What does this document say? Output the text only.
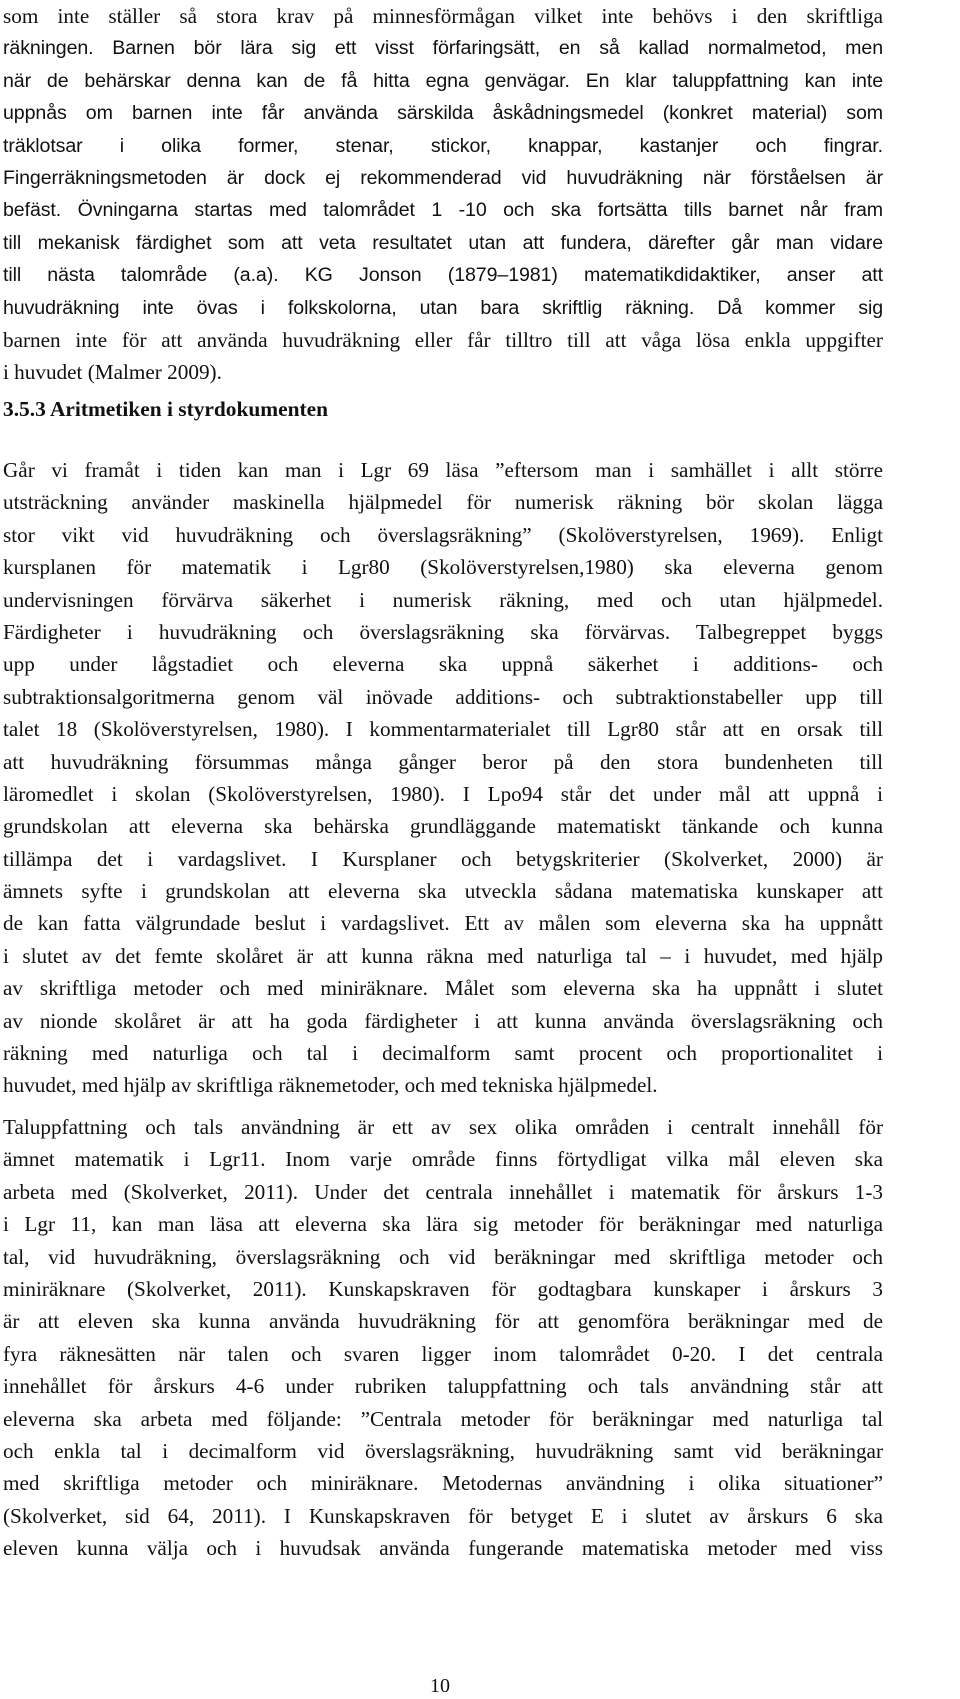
som inte ställer så stora krav på minnesförmågan vilket inte behövs i den skriftliga
räkningen. Barnen bör lära sig ett visst förfaringsätt, en så kallad normalmetod, men
när de behärskar denna kan de få hitta egna genvägar. En klar taluppfattning kan inte
uppnås om barnen inte får använda särskilda åskådningsmedel (konkret material) som
träklotsar i olika former, stenar, stickor, knappar, kastanjer och fingrar.
Fingerräkningsmetoden är dock ej rekommenderad vid huvudräkning när förståelsen är
befäst. Övningarna startas med talområdet 1 -10 och ska fortsätta tills barnet når fram
till mekanisk färdighet som att veta resultatet utan att fundera, därefter går man vidare
till nästa talområde (a.a). KG Jonson (1879–1981) matematikdidaktiker, anser att
huvudräkning inte övas i folkskolorna, utan bara skriftlig räkning. Då kommer sig
barnen inte för att använda huvudräkning eller får tilltro till att våga lösa enkla uppgifter
i huvudet (Malmer 2009).
3.5.3 Aritmetiken i styrdokumenten
Går vi framåt i tiden kan man i Lgr 69 läsa ”eftersom man i samhället i allt större
utsträckning använder maskinella hjälpmedel för numerisk räkning bör skolan lägga
stor vikt vid huvudräkning och överslagsräkning” (Skolöverstyrelsen, 1969). Enligt
kursplanen för matematik i Lgr80 (Skolöverstyrelsen,1980) ska eleverna genom
undervisningen förvärva säkerhet i numerisk räkning, med och utan hjälpmedel.
Färdigheter i huvudräkning och överslagsräkning ska förvärvas. Talbegreppet byggs
upp under lågstadiet och eleverna ska uppnå säkerhet i additions- och
subtraktionsalgoritmerna genom väl inövade additions- och subtraktionstabeller upp till
talet 18 (Skolöverstyrelsen, 1980). I kommentarmaterialet till Lgr80 står att en orsak till
att huvudräkning försummas många gånger beror på den stora bundenheten till
läromedlet i skolan (Skolöverstyrelsen, 1980). I Lpo94 står det under mål att uppnå i
grundskolan att eleverna ska behärska grundläggande matematiskt tänkande och kunna
tillämpa det i vardagslivet. I Kursplaner och betygskriterier (Skolverket, 2000) är
ämnets syfte i grundskolan att eleverna ska utveckla sådana matematiska kunskaper att
de kan fatta välgrundade beslut i vardagslivet. Ett av målen som eleverna ska ha uppnått
i slutet av det femte skolåret är att kunna räkna med naturliga tal – i huvudet, med hjälp
av skriftliga metoder och med miniräknare. Målet som eleverna ska ha uppnått i slutet
av nionde skolåret är att ha goda färdigheter i att kunna använda överslagsräkning och
räkning med naturliga och tal i decimalform samt procent och proportionalitet i
huvudet, med hjälp av skriftliga räknemetoder, och med tekniska hjälpmedel.
Taluppfattning och tals användning är ett av sex olika områden i centralt innehåll för
ämnet matematik i Lgr11. Inom varje område finns förtydligat vilka mål eleven ska
arbeta med (Skolverket, 2011). Under det centrala innehållet i matematik för årskurs 1-3
i Lgr 11, kan man läsa att eleverna ska lära sig metoder för beräkningar med naturliga
tal, vid huvudräkning, överslagsräkning och vid beräkningar med skriftliga metoder och
miniräknare (Skolverket, 2011). Kunskapskraven för godtagbara kunskaper i årskurs 3
är att eleven ska kunna använda huvudräkning för att genomföra beräkningar med de
fyra räknesätten när talen och svaren ligger inom talområdet 0-20. I det centrala
innehållet för årskurs 4-6 under rubriken taluppfattning och tals användning står att
eleverna ska arbeta med följande: ”Centrala metoder för beräkningar med naturliga tal
och enkla tal i decimalform vid överslagsräkning, huvudräkning samt vid beräkningar
med skriftliga metoder och miniräknare. Metodernas användning i olika situationer”
(Skolverket, sid 64, 2011). I Kunskapskraven för betyget E i slutet av årskurs 6 ska
eleven kunna välja och i huvudsak använda fungerande matematiska metoder med viss
10
